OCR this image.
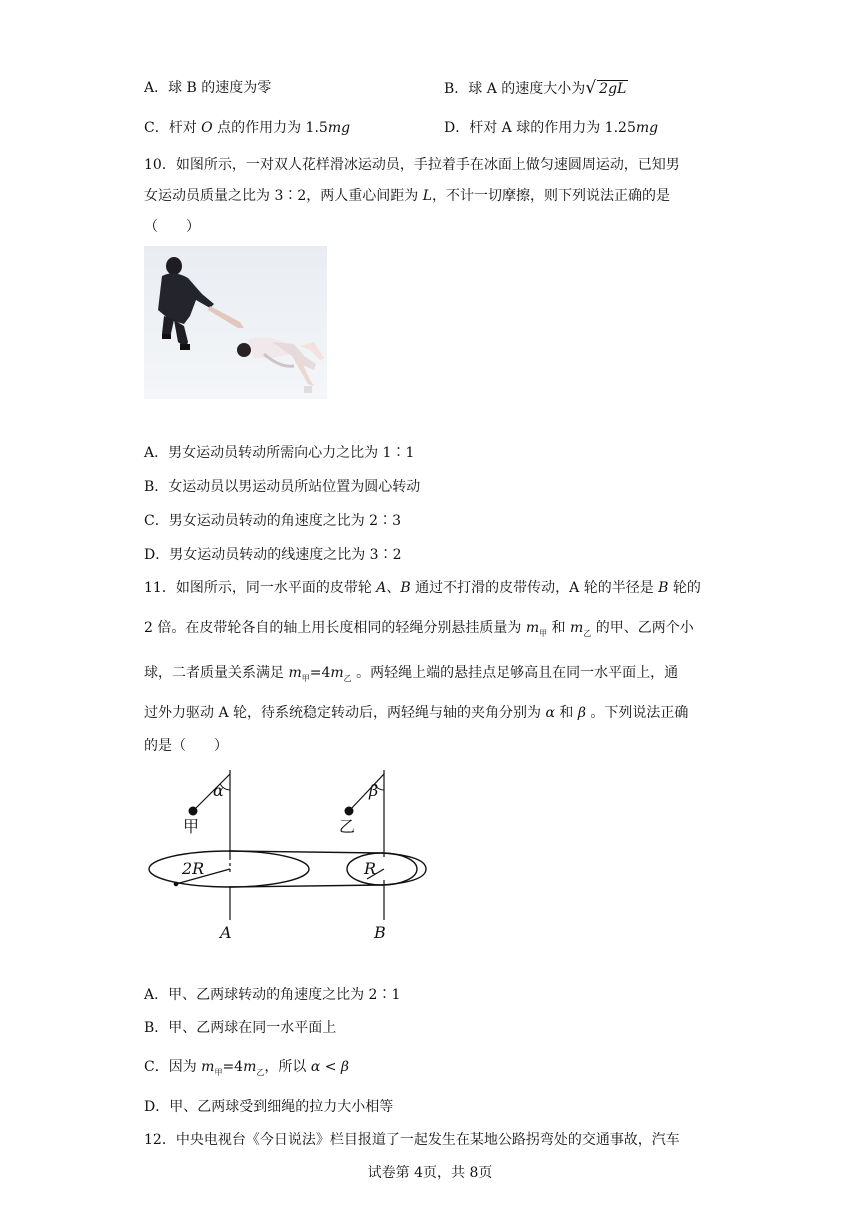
A．球 B 的速度为零	B．球 A 的速度大小为√ 2gL
C．杆对 O 点的作用力为 1.5mg	D．杆对 A 球的作用力为 1.25mg
10．如图所示，一对双人花样滑冰运动员，手拉着手在冰面上做匀速圆周运动，已知男
女运动员质量之比为 3∶2，两人重心间距为 L，不计一切摩擦，则下列说法正确的是
（　　）
A．男女运动员转动所需向心力之比为 1∶1
B．女运动员以男运动员所站位置为圆心转动
C．男女运动员转动的角速度之比为 2∶3
D．男女运动员转动的线速度之比为 3∶2
11．如图所示，同一水平面的皮带轮 A、B 通过不打滑的皮带传动，A 轮的半径是 B 轮的
2 倍。在皮带轮各自的轴上用长度相同的轻绳分别悬挂质量为 $m_甲$ 和 $m_乙$ 的甲、乙两个小
球，二者质量关系满足 $m_甲=4m_乙$ 。两轻绳上端的悬挂点足够高且在同一水平面上，通
过外力驱动 A 轮，待系统稳定转动后，两轻绳与轴的夹角分别为 α 和 β 。下列说法正确
的是（　　）
α	β
甲	乙
2R	R
A	B
A．甲、乙两球转动的角速度之比为 2∶1
B．甲、乙两球在同一水平面上
C．因为 $m_甲=4m_乙$，所以 α < β
D．甲、乙两球受到细绳的拉力大小相等
12．中央电视台《今日说法》栏目报道了一起发生在某地公路拐弯处的交通事故，汽车
试卷第 4页，共 8页
